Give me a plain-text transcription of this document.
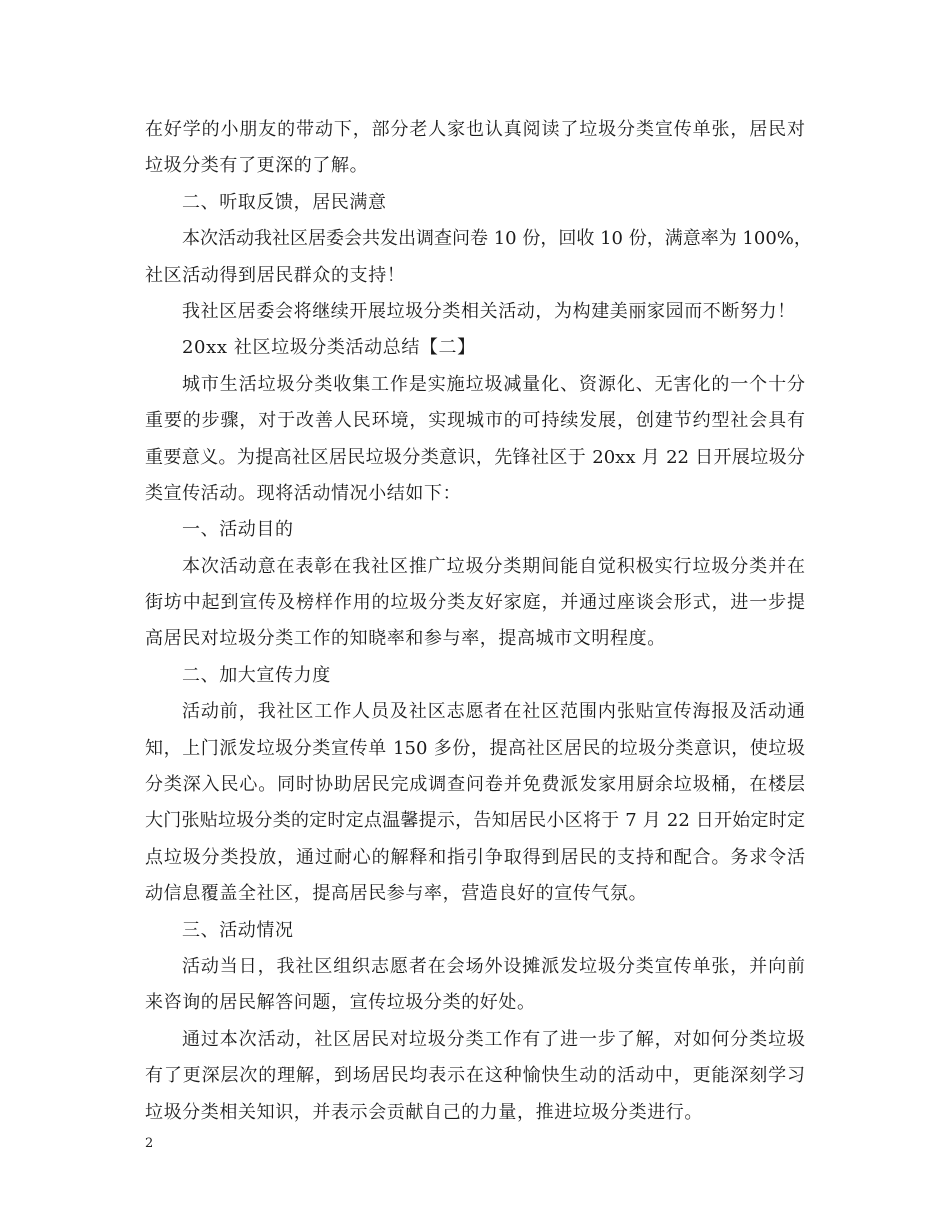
在好学的小朋友的带动下，部分老人家也认真阅读了垃圾分类宣传单张，居民对
垃圾分类有了更深的了解。
二、听取反馈，居民满意
本次活动我社区居委会共发出调查问卷 10 份，回收 10 份，满意率为 100%，
社区活动得到居民群众的支持！
我社区居委会将继续开展垃圾分类相关活动，为构建美丽家园而不断努力！
20xx 社区垃圾分类活动总结【二】
城市生活垃圾分类收集工作是实施垃圾减量化、资源化、无害化的一个十分
重要的步骤，对于改善人民环境，实现城市的可持续发展，创建节约型社会具有
重要意义。为提高社区居民垃圾分类意识，先锋社区于 20xx 月 22 日开展垃圾分
类宣传活动。现将活动情况小结如下：
一、活动目的
本次活动意在表彰在我社区推广垃圾分类期间能自觉积极实行垃圾分类并在
街坊中起到宣传及榜样作用的垃圾分类友好家庭，并通过座谈会形式，进一步提
高居民对垃圾分类工作的知晓率和参与率，提高城市文明程度。
二、加大宣传力度
活动前，我社区工作人员及社区志愿者在社区范围内张贴宣传海报及活动通
知，上门派发垃圾分类宣传单 150 多份，提高社区居民的垃圾分类意识，使垃圾
分类深入民心。同时协助居民完成调查问卷并免费派发家用厨余垃圾桶，在楼层
大门张贴垃圾分类的定时定点温馨提示，告知居民小区将于 7 月 22 日开始定时定
点垃圾分类投放，通过耐心的解释和指引争取得到居民的支持和配合。务求令活
动信息覆盖全社区，提高居民参与率，营造良好的宣传气氛。
三、活动情况
活动当日，我社区组织志愿者在会场外设摊派发垃圾分类宣传单张，并向前
来咨询的居民解答问题，宣传垃圾分类的好处。
通过本次活动，社区居民对垃圾分类工作有了进一步了解，对如何分类垃圾
有了更深层次的理解，到场居民均表示在这种愉快生动的活动中，更能深刻学习
垃圾分类相关知识，并表示会贡献自己的力量，推进垃圾分类进行。
2
